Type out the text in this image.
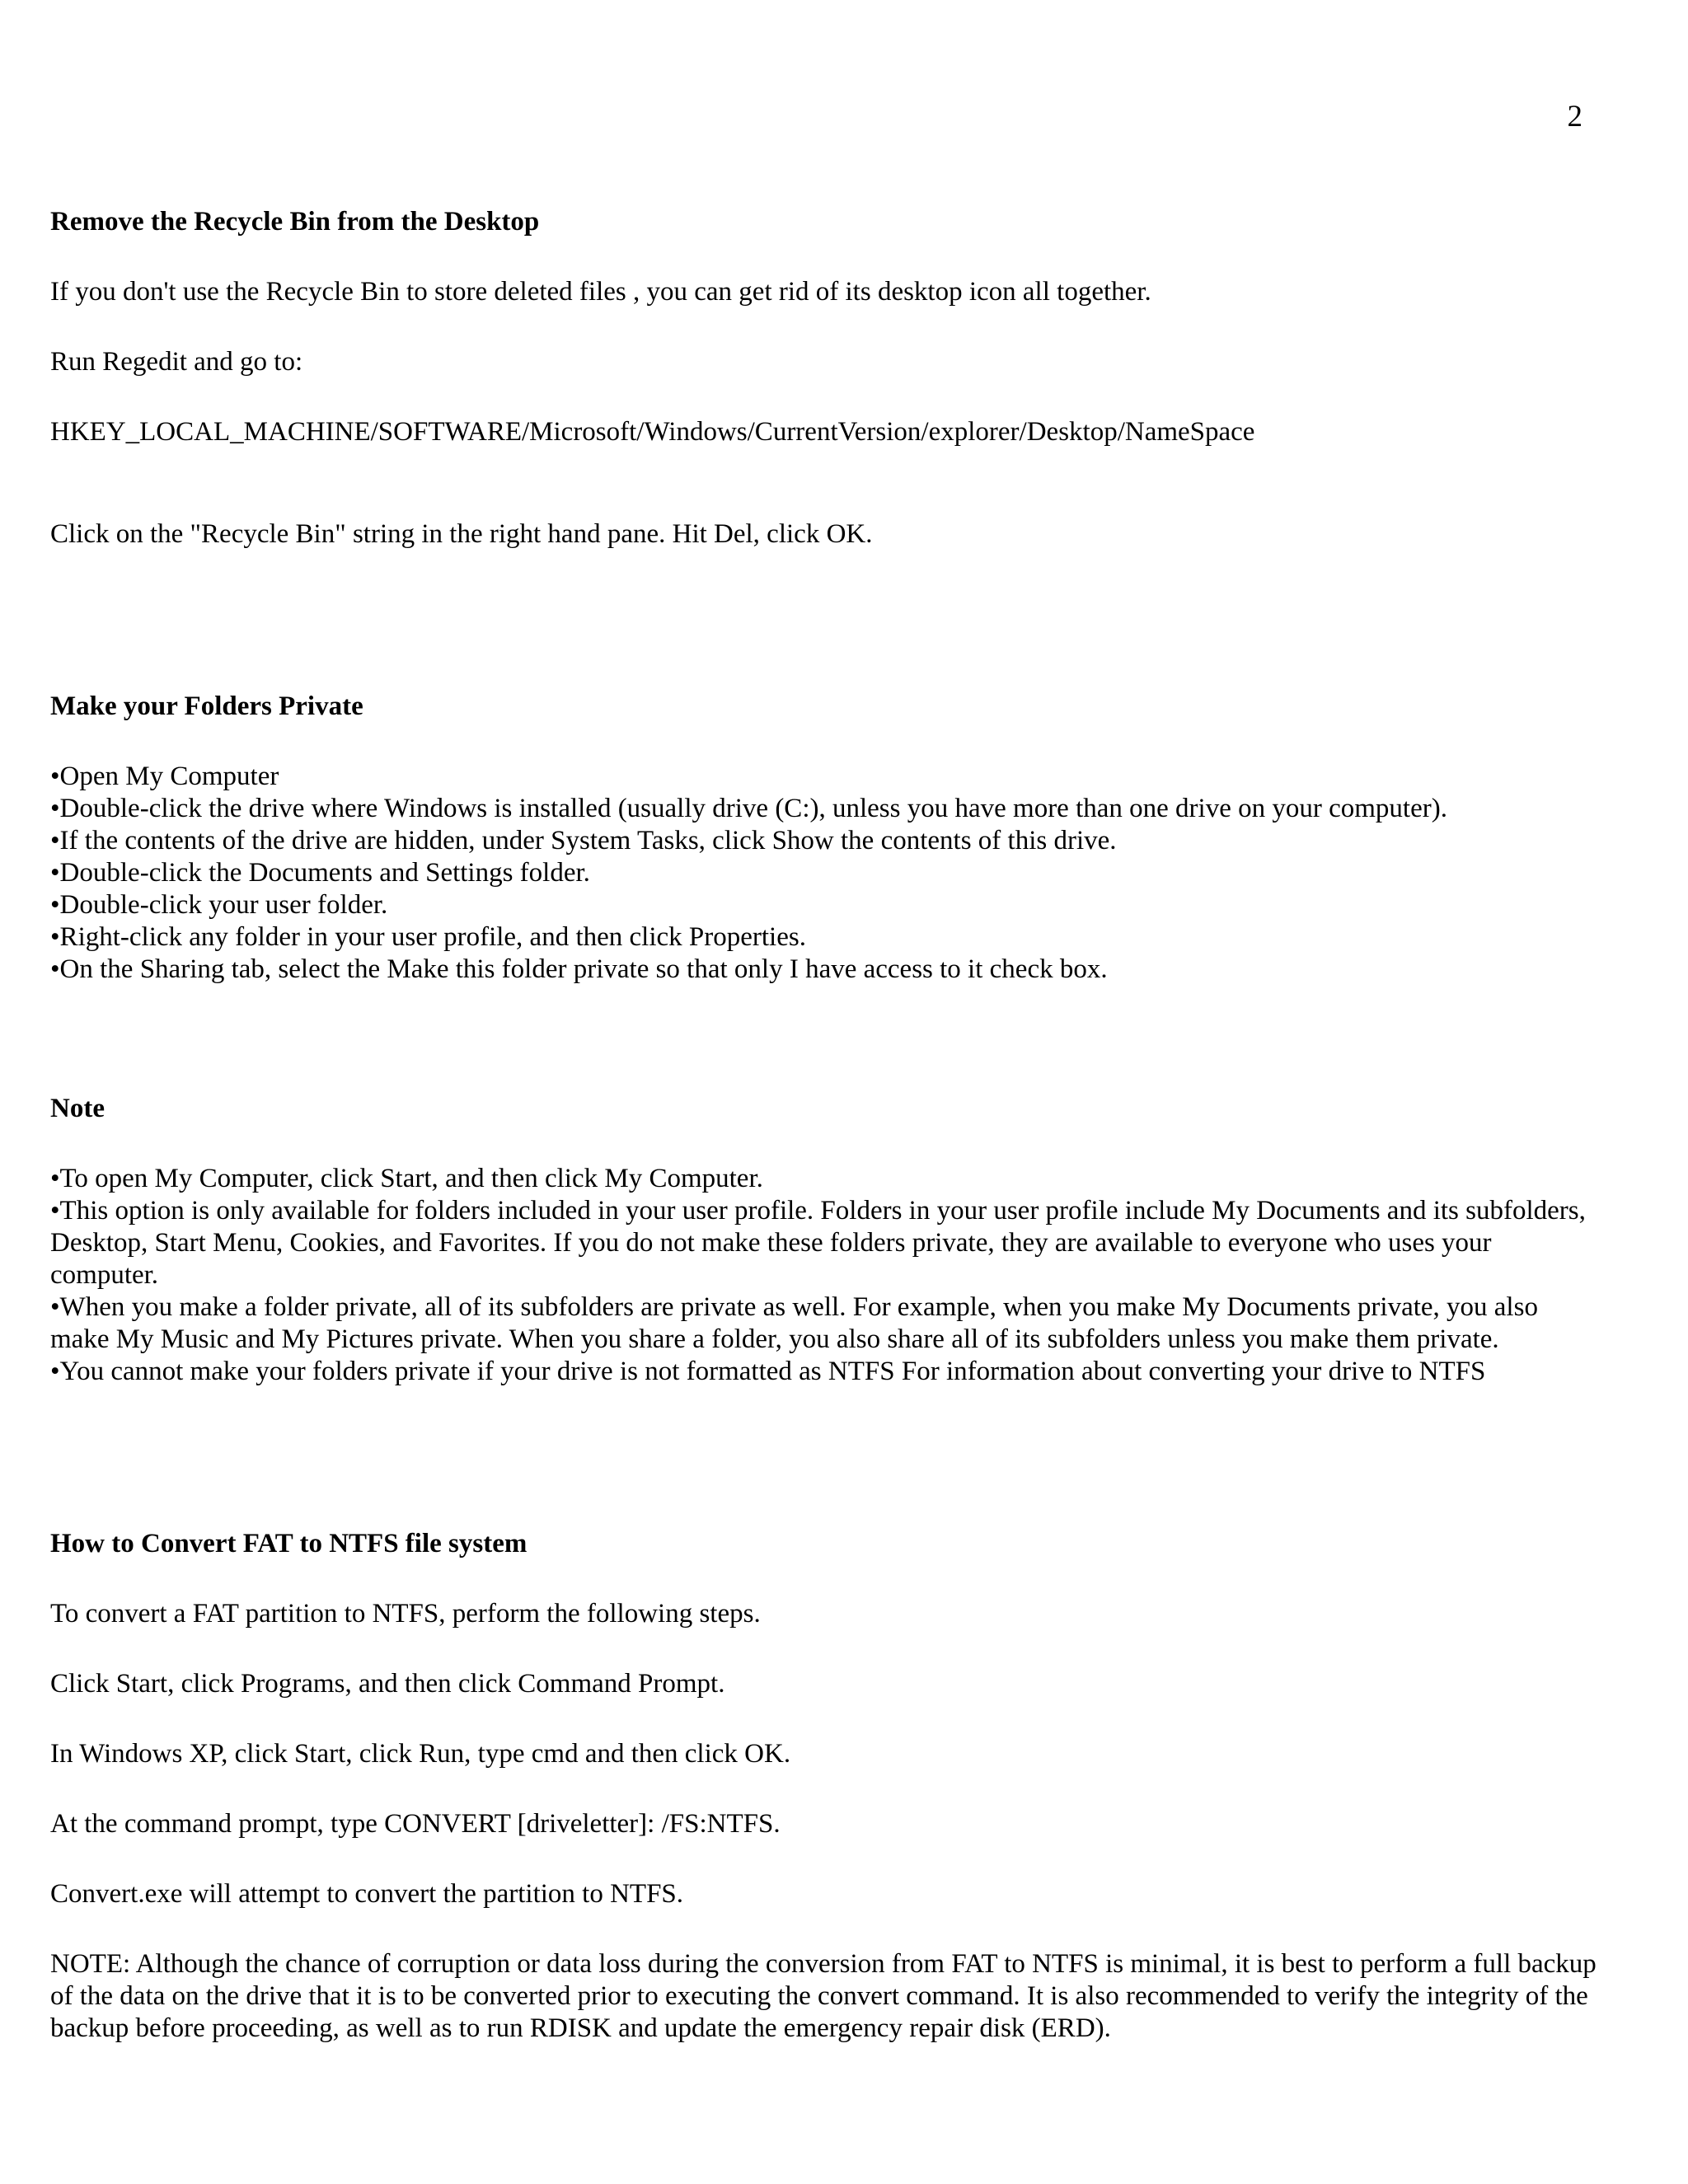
2

Remove the Recycle Bin from the Desktop

If you don't use the Recycle Bin to store deleted files , you can get rid of its desktop icon all together.

Run Regedit and go to:

HKEY_LOCAL_MACHINE/SOFTWARE/Microsoft/Windows/CurrentVersion/explorer/Desktop/NameSpace

Click on the "Recycle Bin" string in the right hand pane. Hit Del, click OK.

Make your Folders Private

•Open My Computer
•Double-click the drive where Windows is installed (usually drive (C:), unless you have more than one drive on your computer).
•If the contents of the drive are hidden, under System Tasks, click Show the contents of this drive.
•Double-click the Documents and Settings folder.
•Double-click your user folder.
•Right-click any folder in your user profile, and then click Properties.
•On the Sharing tab, select the Make this folder private so that only I have access to it check box.

Note

•To open My Computer, click Start, and then click My Computer.
•This option is only available for folders included in your user profile. Folders in your user profile include My Documents and its subfolders, Desktop, Start Menu, Cookies, and Favorites. If you do not make these folders private, they are available to everyone who uses your computer.
•When you make a folder private, all of its subfolders are private as well. For example, when you make My Documents private, you also make My Music and My Pictures private. When you share a folder, you also share all of its subfolders unless you make them private.
•You cannot make your folders private if your drive is not formatted as NTFS For information about converting your drive to NTFS

How to Convert FAT to NTFS file system

To convert a FAT partition to NTFS, perform the following steps.

Click Start, click Programs, and then click Command Prompt.

In Windows XP, click Start, click Run, type cmd and then click OK.

At the command prompt, type CONVERT [driveletter]: /FS:NTFS.

Convert.exe will attempt to convert the partition to NTFS.

NOTE: Although the chance of corruption or data loss during the conversion from FAT to NTFS is minimal, it is best to perform a full backup of the data on the drive that it is to be converted prior to executing the convert command. It is also recommended to verify the integrity of the backup before proceeding, as well as to run RDISK and update the emergency repair disk (ERD).
